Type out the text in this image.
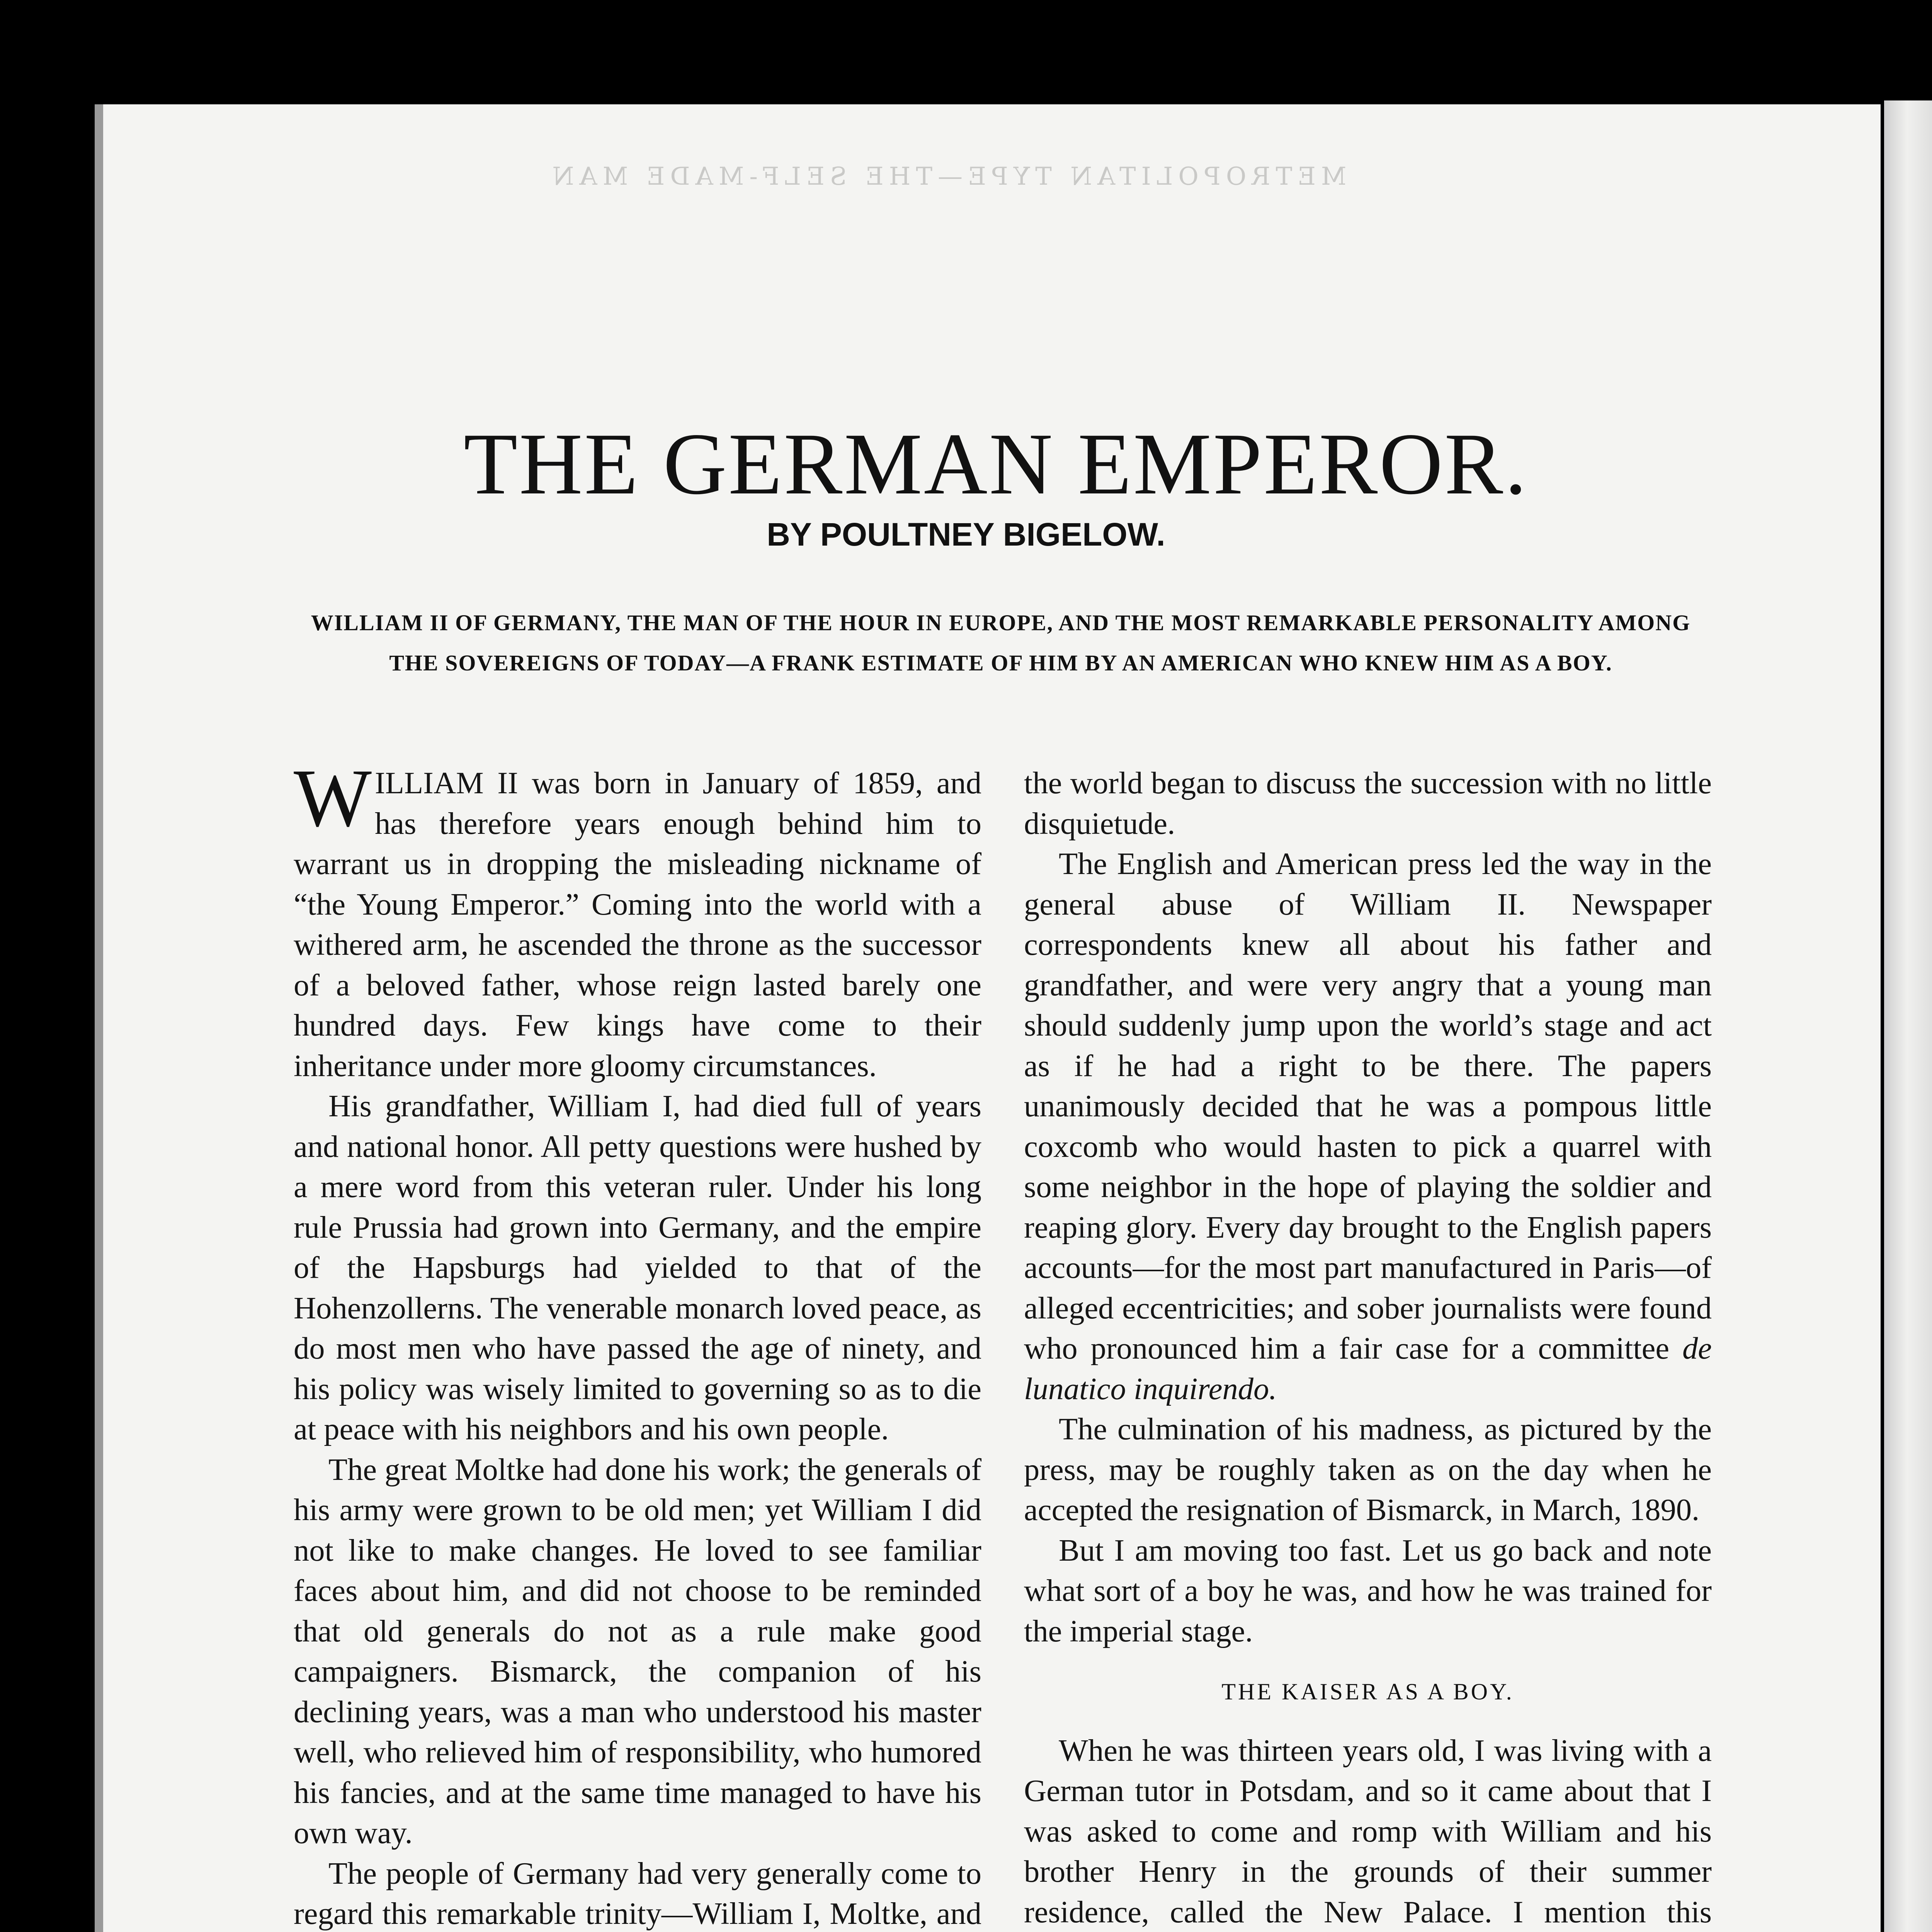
METROPOLITAN TYPE—THE SELF-MADE MAN
THE GERMAN EMPEROR.
BY POULTNEY BIGELOW.
WILLIAM II OF GERMANY, THE MAN OF THE HOUR IN EUROPE, AND THE MOST REMARKABLE PERSONALITY AMONG THE SOVEREIGNS OF TODAY—A FRANK ESTIMATE OF HIM BY AN AMERICAN WHO KNEW HIM AS A BOY.

WILLIAM II was born in January of 1859, and has therefore years enough behind him to warrant us in dropping the misleading nickname of “the Young Emperor.” Coming into the world with a withered arm, he ascended the throne as the successor of a beloved father, whose reign lasted barely one hundred days. Few kings have come to their inheritance under more gloomy circumstances.

His grandfather, William I, had died full of years and national honor. All petty questions were hushed by a mere word from this veteran ruler. Under his long rule Prussia had grown into Germany, and the empire of the Hapsburgs had yielded to that of the Hohenzollerns. The venerable monarch loved peace, as do most men who have passed the age of ninety, and his policy was wisely limited to governing so as to die at peace with his neighbors and his own people.

The great Moltke had done his work; the generals of his army were grown to be old men; yet William I did not like to make changes. He loved to see familiar faces about him, and did not choose to be reminded that old generals do not as a rule make good campaigners. Bismarck, the companion of his declining years, was a man who understood his master well, who relieved him of responsibility, who humored his fancies, and at the same time managed to have his own way.

The people of Germany had very generally come to regard this remarkable trinity—William I, Moltke, and

the world began to discuss the succession with no little disquietude.

The English and American press led the way in the general abuse of William II. Newspaper correspondents knew all about his father and grandfather, and were very angry that a young man should suddenly jump upon the world’s stage and act as if he had a right to be there. The papers unanimously decided that he was a pompous little coxcomb who would hasten to pick a quarrel with some neighbor in the hope of playing the soldier and reaping glory. Every day brought to the English papers accounts—for the most part manufactured in Paris—of alleged eccentricities; and sober journalists were found who pronounced him a fair case for a committee de lunatico inquirendo.

The culmination of his madness, as pictured by the press, may be roughly taken as on the day when he accepted the resignation of Bismarck, in March, 1890.

But I am moving too fast. Let us go back and note what sort of a boy he was, and how he was trained for the imperial stage.

THE KAISER AS A BOY.

When he was thirteen years old, I was living with a German tutor in Potsdam, and so it came about that I was asked to come and romp with William and his brother Henry in the grounds of their summer residence, called the New Palace. I mention this
